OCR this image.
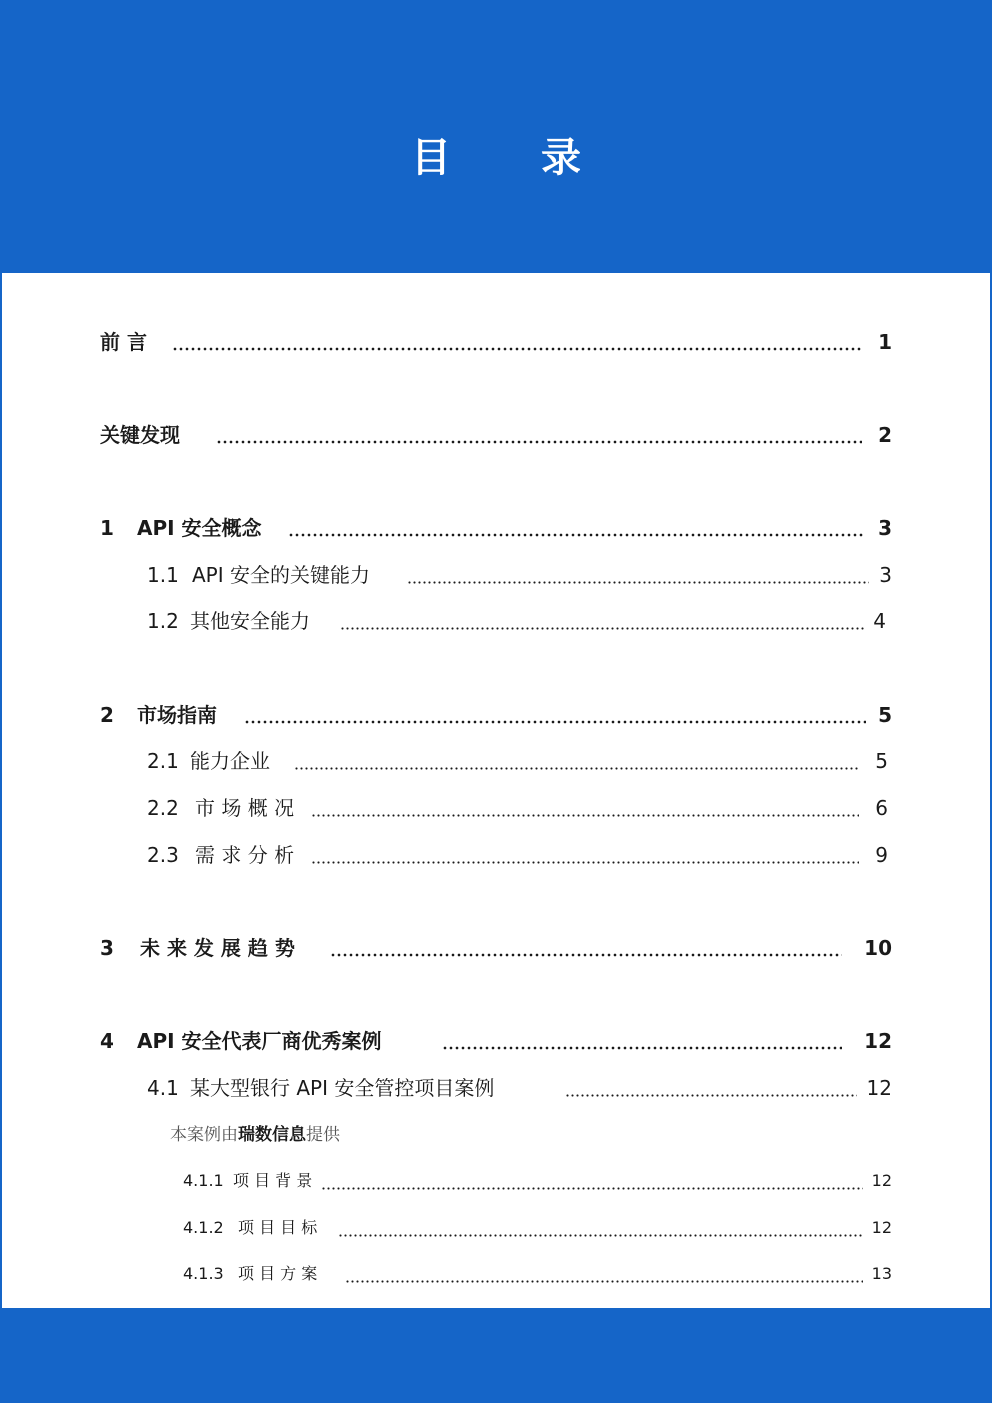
目 录
前 言	1
关键发现	2
1 API 安全概念	3
1.1 API 安全的关键能力	3
1.2 其他安全能力	4
2 市场指南	5
2.1 能力企业	5
2.2 市 场 概 况	6
2.3 需 求 分 析	9
3 未 来 发 展 趋 势	10
4 API 安全代表厂商优秀案例	12
4.1 某大型银行 API 安全管控项目案例	12
本案例由瑞数信息提供
4.1.1 项 目 背 景	12
4.1.2 项 目 目 标	12
4.1.3 项 目 方 案	13
